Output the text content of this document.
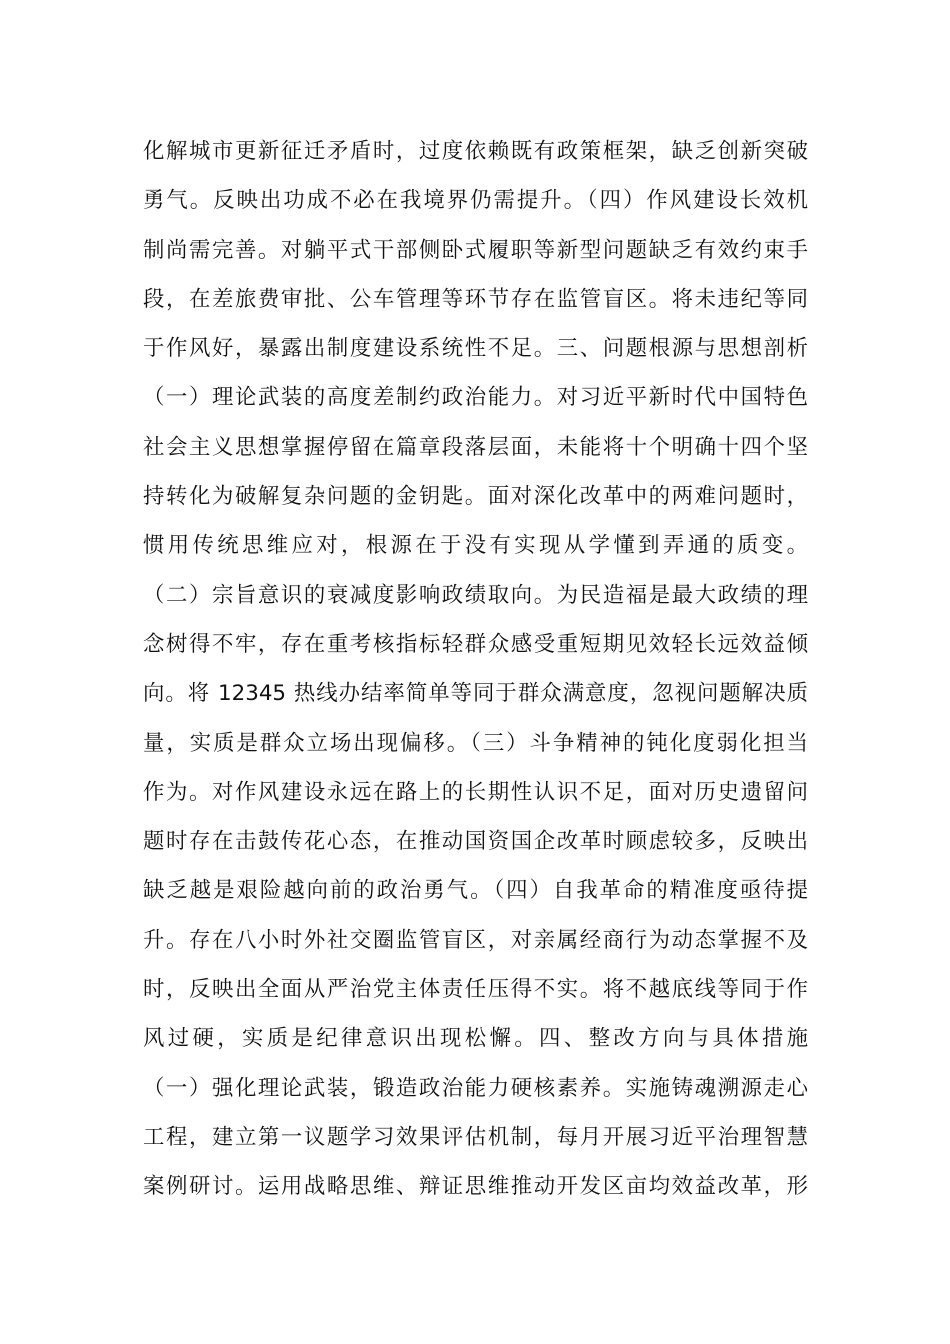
化解城市更新征迁矛盾时，过度依赖既有政策框架，缺乏创新突破
勇气。反映出功成不必在我境界仍需提升。（四）作风建设长效机
制尚需完善。对躺平式干部侧卧式履职等新型问题缺乏有效约束手
段，在差旅费审批、公车管理等环节存在监管盲区。将未违纪等同
于作风好，暴露出制度建设系统性不足。三、问题根源与思想剖析
（一）理论武装的高度差制约政治能力。对习近平新时代中国特色
社会主义思想掌握停留在篇章段落层面，未能将十个明确十四个坚
持转化为破解复杂问题的金钥匙。面对深化改革中的两难问题时，
惯用传统思维应对，根源在于没有实现从学懂到弄通的质变。
（二）宗旨意识的衰减度影响政绩取向。为民造福是最大政绩的理
念树得不牢，存在重考核指标轻群众感受重短期见效轻长远效益倾
向。将 12345 热线办结率简单等同于群众满意度，忽视问题解决质
量，实质是群众立场出现偏移。（三）斗争精神的钝化度弱化担当
作为。对作风建设永远在路上的长期性认识不足，面对历史遗留问
题时存在击鼓传花心态，在推动国资国企改革时顾虑较多，反映出
缺乏越是艰险越向前的政治勇气。（四）自我革命的精准度亟待提
升。存在八小时外社交圈监管盲区，对亲属经商行为动态掌握不及
时，反映出全面从严治党主体责任压得不实。将不越底线等同于作
风过硬，实质是纪律意识出现松懈。四、整改方向与具体措施
（一）强化理论武装，锻造政治能力硬核素养。实施铸魂溯源走心
工程，建立第一议题学习效果评估机制，每月开展习近平治理智慧
案例研讨。运用战略思维、辩证思维推动开发区亩均效益改革，形
